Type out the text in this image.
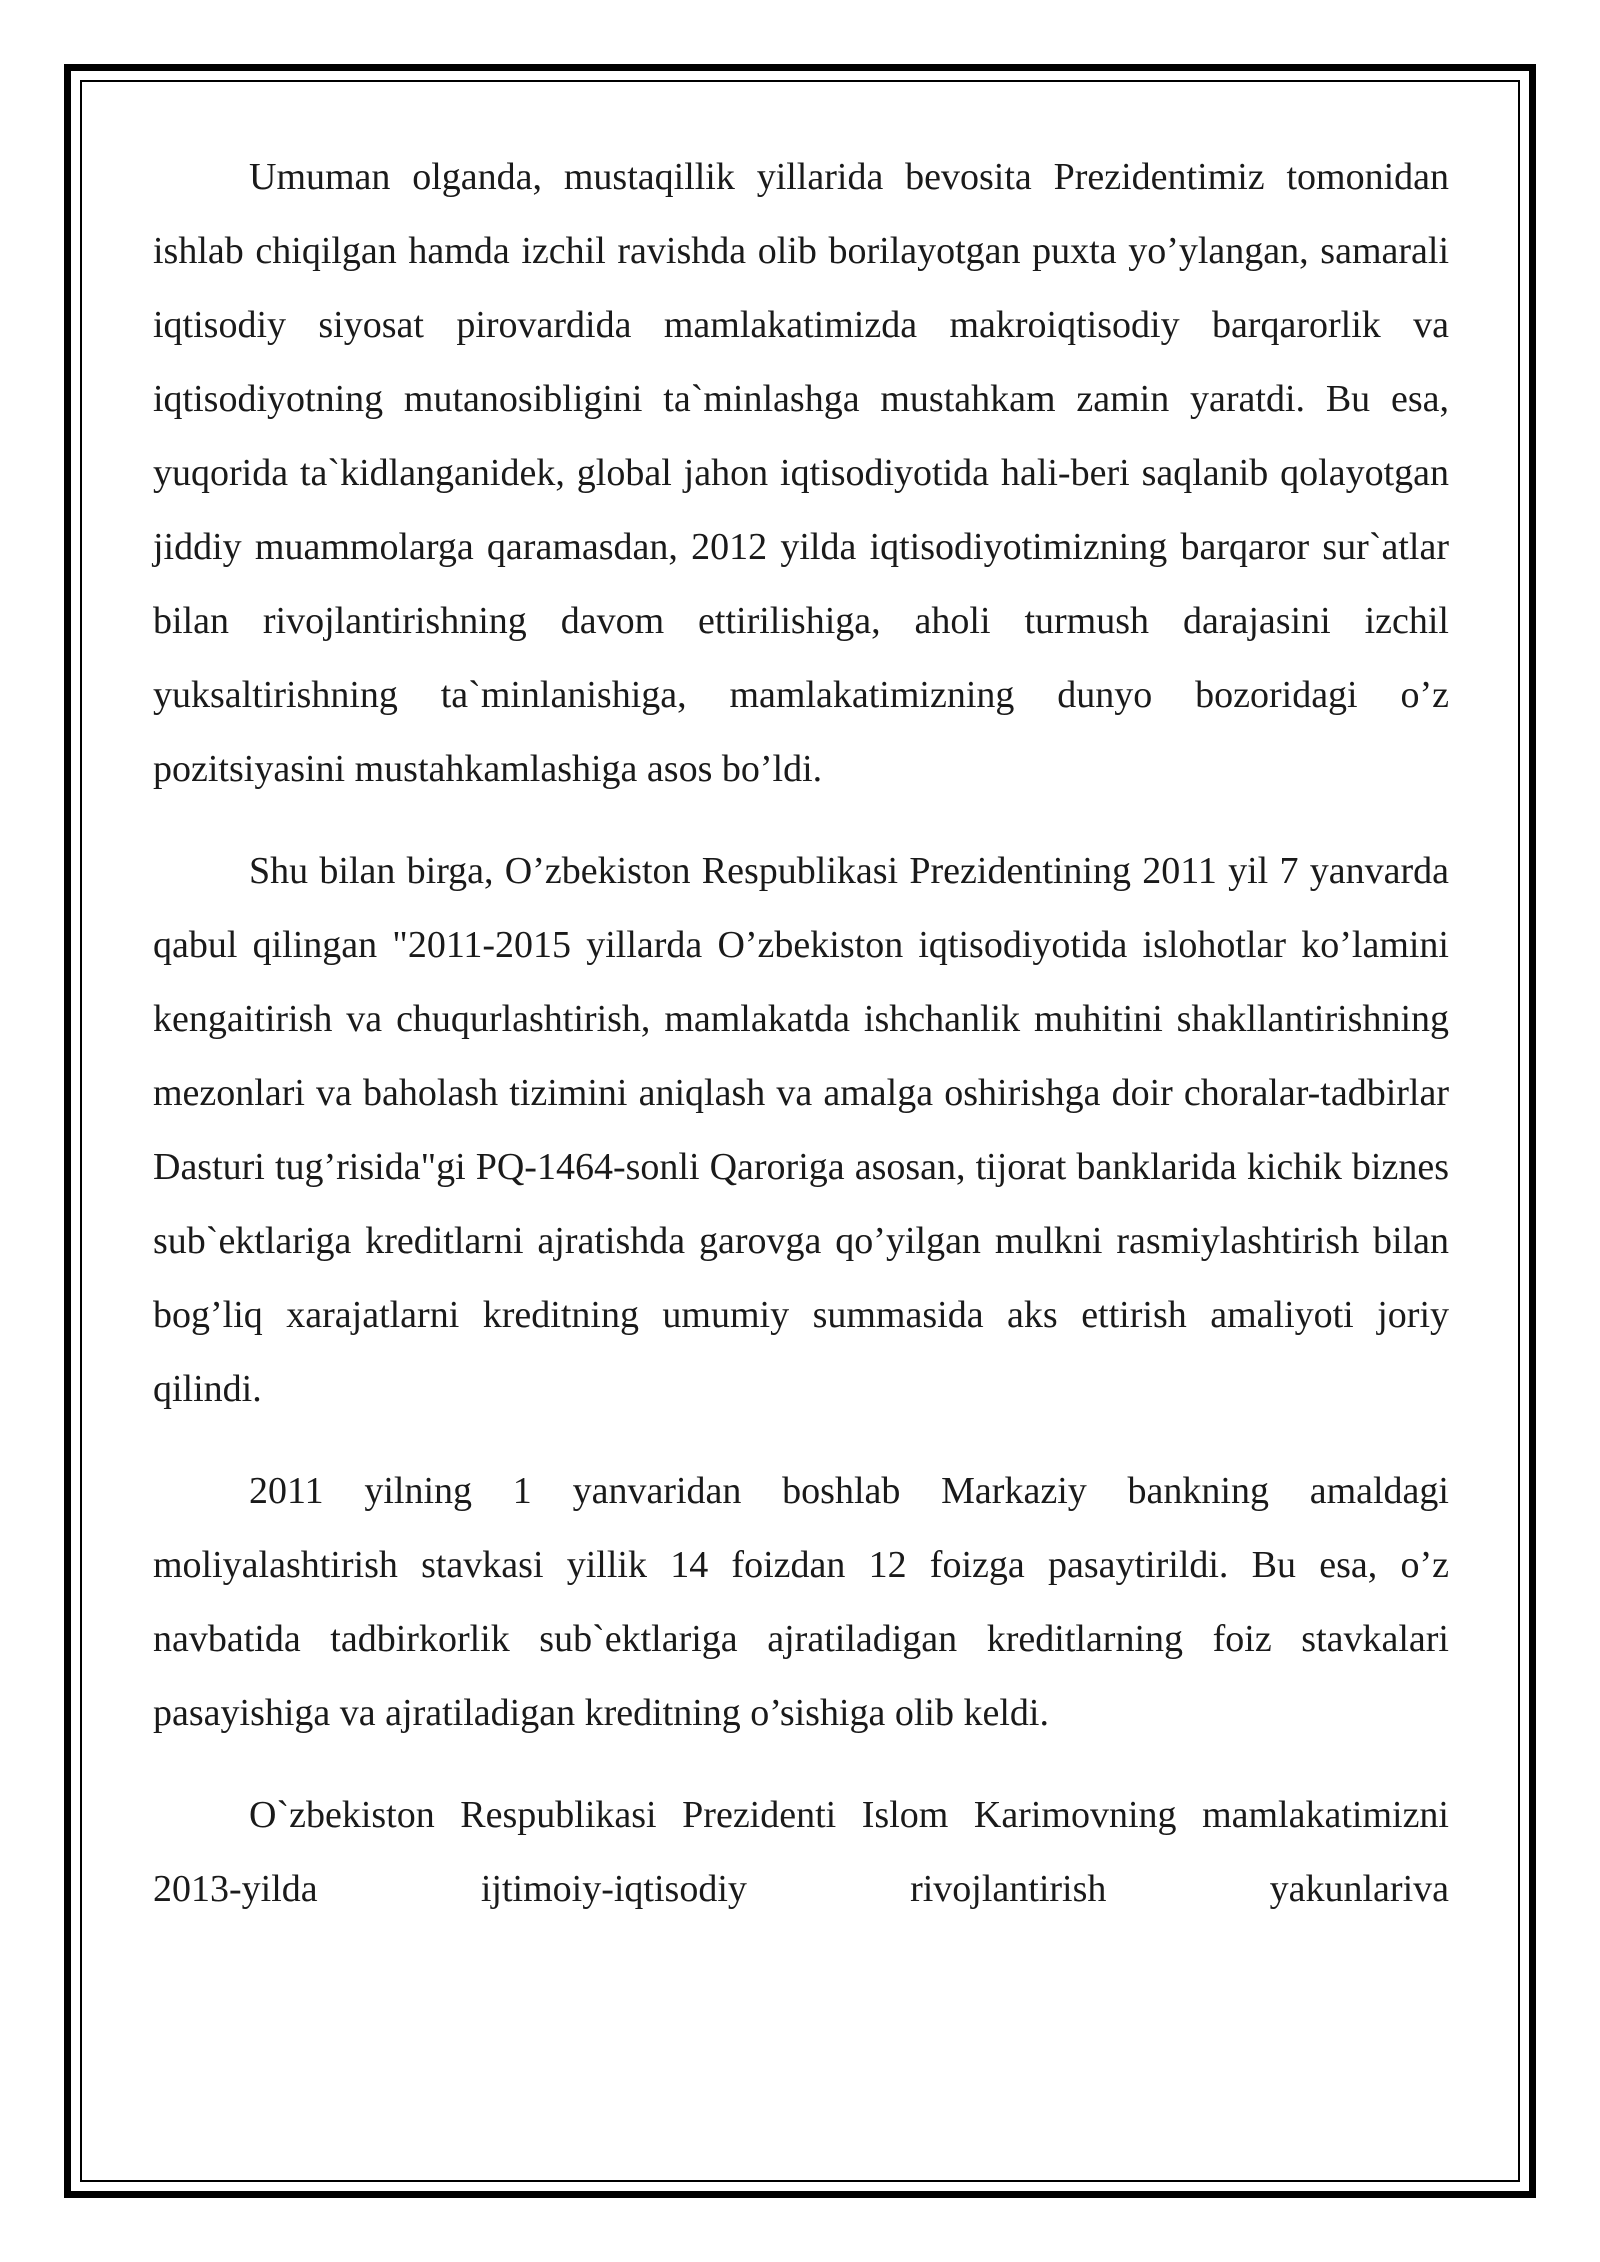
Umuman olganda, mustaqillik yillarida bevosita Prezidentimiz tomonidan ishlab chiqilgan hamda izchil ravishda olib borilayotgan puxta yo’ylangan, samarali iqtisodiy siyosat pirovardida mamlakatimizda makroiqtisodiy barqarorlik va iqtisodiyotning mutanosibligini ta`minlashga mustahkam zamin yaratdi. Bu esa, yuqorida ta`kidlanganidek, global jahon iqtisodiyotida hali-beri saqlanib qolayotgan jiddiy muammolarga qaramasdan, 2012 yilda iqtisodiyotimizning barqaror sur`atlar bilan rivojlantirishning davom ettirilishiga, aholi turmush darajasini izchil yuksaltirishning ta`minlanishiga, mamlakatimizning dunyo bozoridagi o’z pozitsiyasini mustahkamlashiga asos bo’ldi.

Shu bilan birga, O’zbekiston Respublikasi Prezidentining 2011 yil 7 yanvarda qabul qilingan "2011-2015 yillarda O’zbekiston iqtisodiyotida islohotlar ko’lamini kengaitirish va chuqurlashtirish, mamlakatda ishchanlik muhitini shakllantirishning mezonlari va baholash tizimini aniqlash va amalga oshirishga doir choralar-tadbirlar Dasturi tug’risida"gi PQ-1464-sonli Qaroriga asosan, tijorat banklarida kichik biznes sub`ektlariga kreditlarni ajratishda garovga qo’yilgan mulkni rasmiylashtirish bilan bog’liq xarajatlarni kreditning umumiy summasida aks ettirish amaliyoti joriy qilindi.

2011 yilning 1 yanvaridan boshlab Markaziy bankning amaldagi moliyalashtirish stavkasi yillik 14 foizdan 12 foizga pasaytirildi. Bu esa, o’z navbatida tadbirkorlik sub`ektlariga ajratiladigan kreditlarning foiz stavkalari pasayishiga va ajratiladigan kreditning o’sishiga olib keldi.

O`zbekiston Respublikasi Prezidenti Islom Karimovning mamlakatimizni 2013-yilda ijtimoiy-iqtisodiy rivojlantirish yakunlariva
